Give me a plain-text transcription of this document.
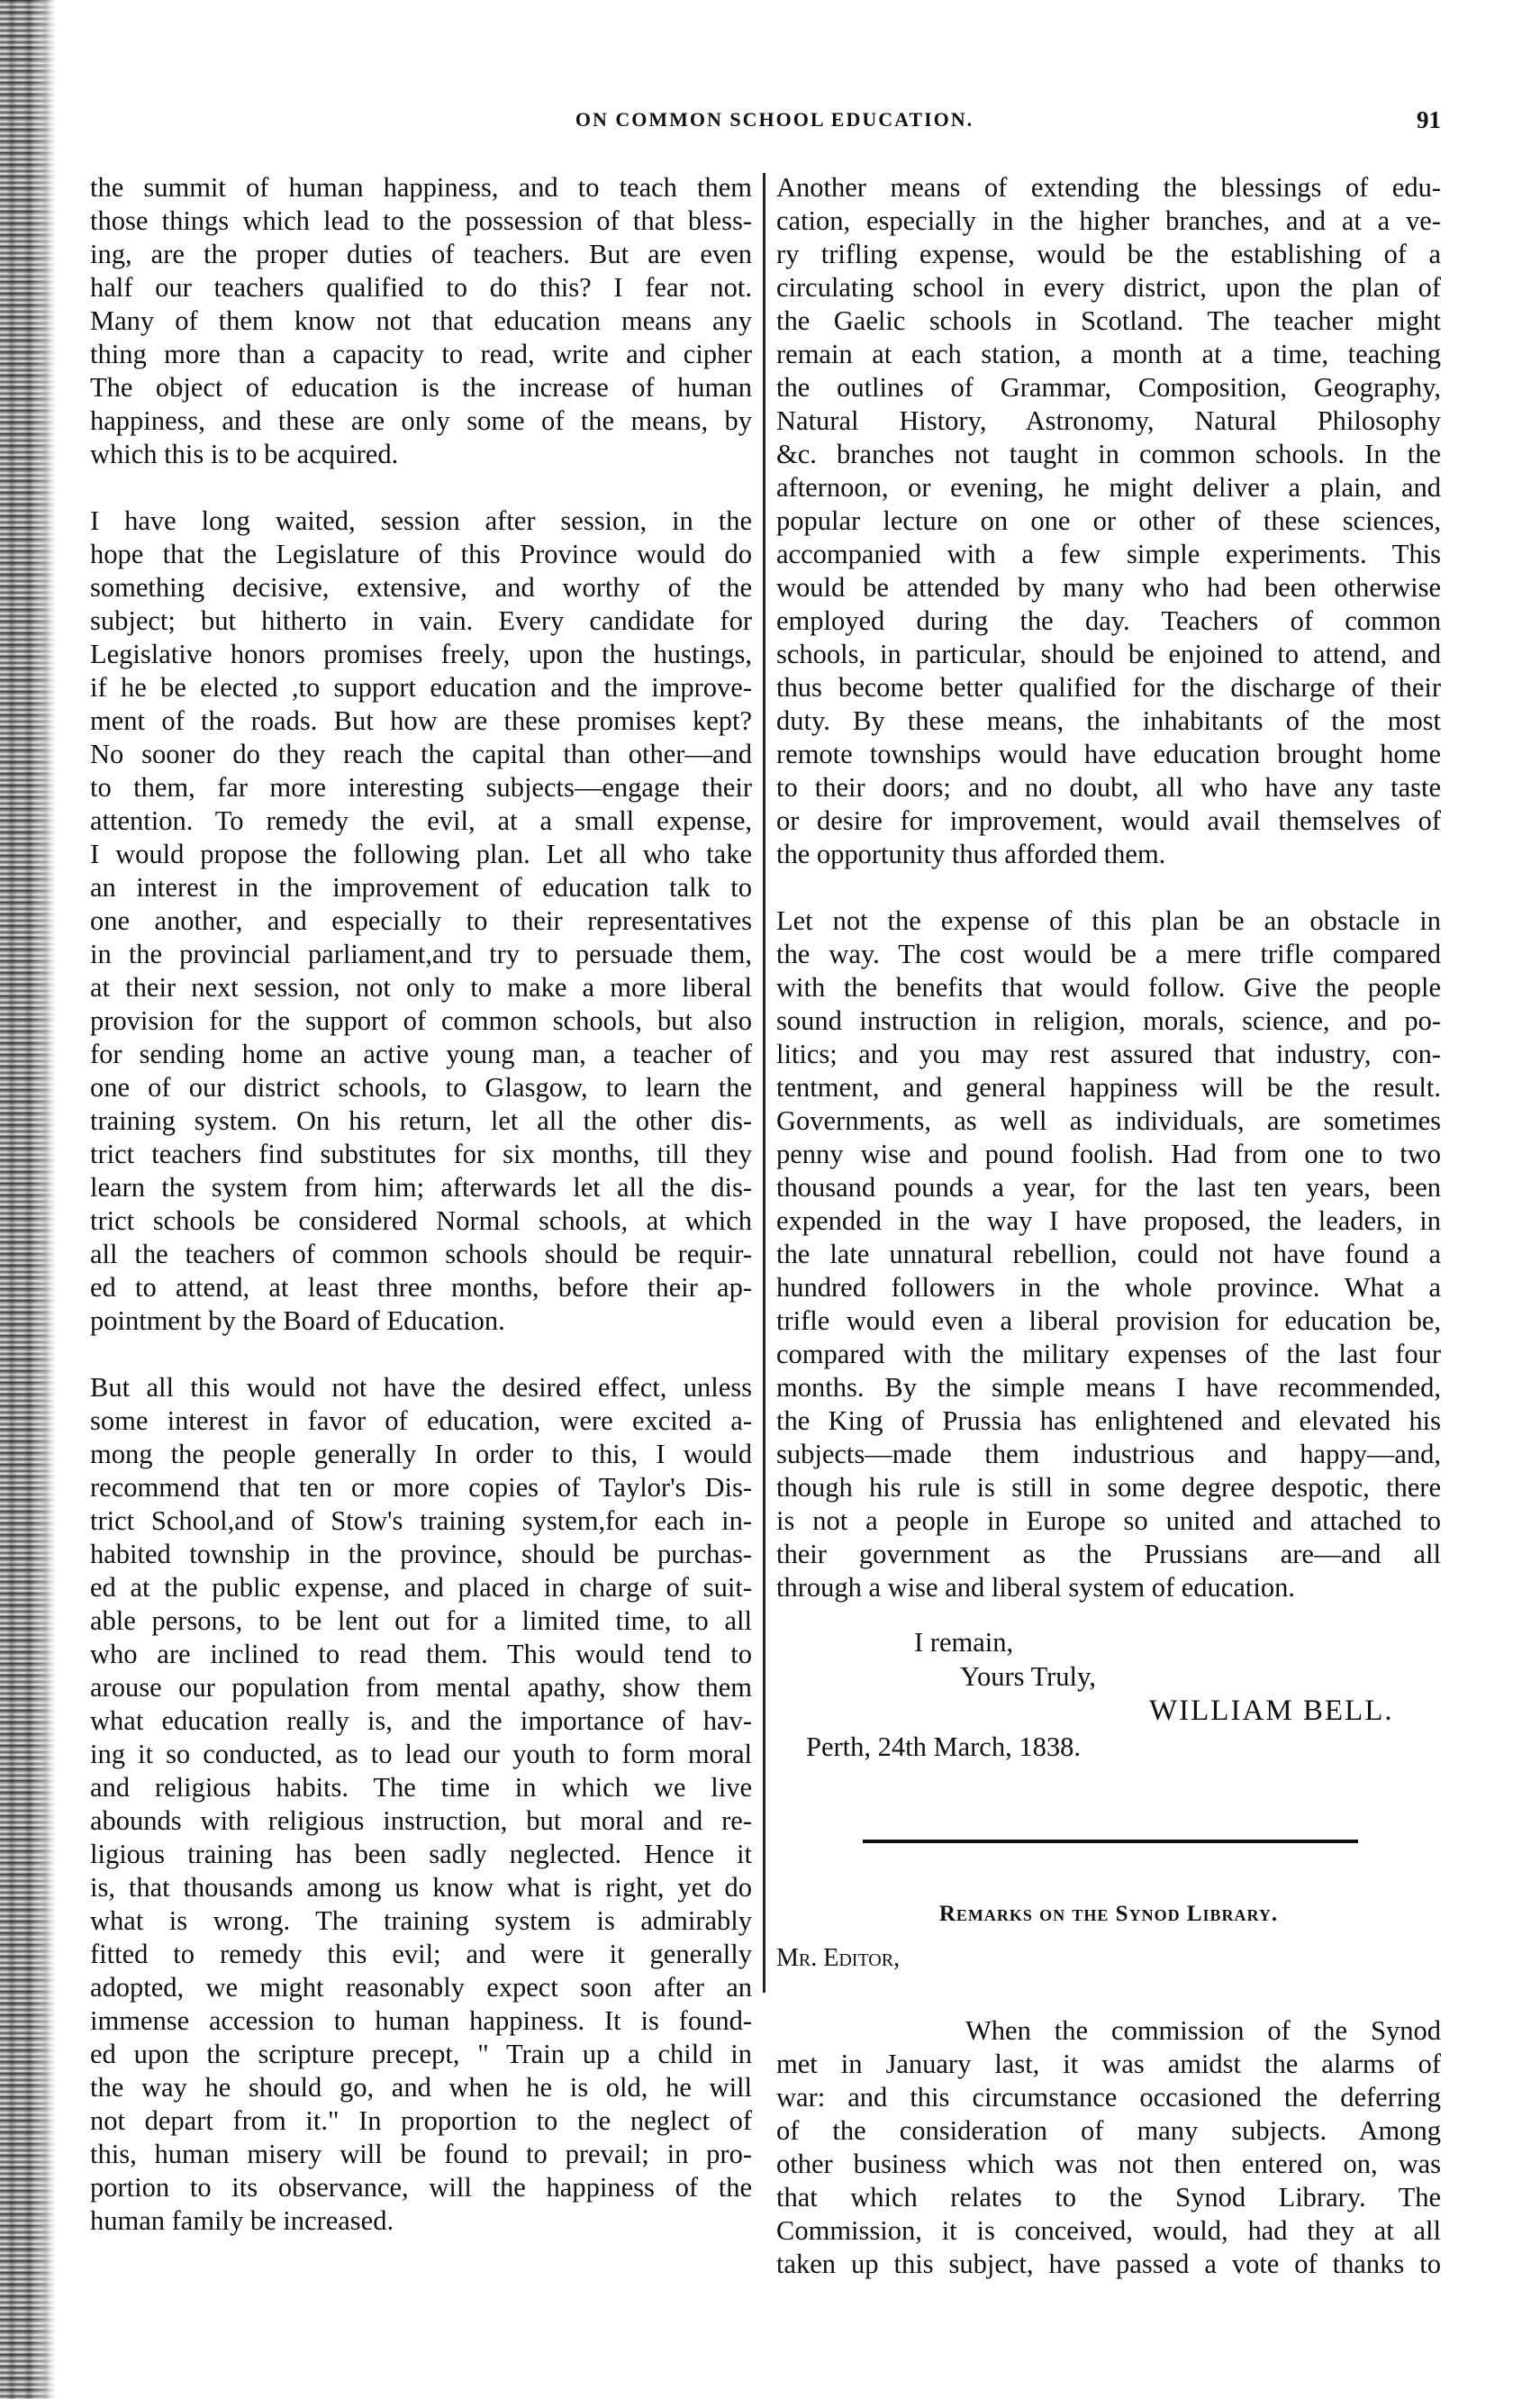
ON COMMON SCHOOL EDUCATION.	91
the summit of human happiness, and to teach them
those things which lead to the possession of that bless-
ing, are the proper duties of teachers. But are even
half our teachers qualified to do this? I fear not.
Many of them know not that education means any
thing more than a capacity to read, write and cipher
The object of education is the increase of human
happiness, and these are only some of the means, by
which this is to be acquired.
I have long waited, session after session, in the
hope that the Legislature of this Province would do
something decisive, extensive, and worthy of the
subject; but hitherto in vain. Every candidate for
Legislative honors promises freely, upon the hustings,
if he be elected ,to support education and the improve-
ment of the roads. But how are these promises kept?
No sooner do they reach the capital than other—and
to them, far more interesting subjects—engage their
attention. To remedy the evil, at a small expense,
I would propose the following plan. Let all who take
an interest in the improvement of education talk to
one another, and especially to their representatives
in the provincial parliament,and try to persuade them,
at their next session, not only to make a more liberal
provision for the support of common schools, but also
for sending home an active young man, a teacher of
one of our district schools, to Glasgow, to learn the
training system. On his return, let all the other dis-
trict teachers find substitutes for six months, till they
learn the system from him; afterwards let all the dis-
trict schools be considered Normal schools, at which
all the teachers of common schools should be requir-
ed to attend, at least three months, before their ap-
pointment by the Board of Education.
But all this would not have the desired effect, unless
some interest in favor of education, were excited a-
mong the people generally In order to this, I would
recommend that ten or more copies of Taylor's Dis-
trict School,and of Stow's training system,for each in-
habited township in the province, should be purchas-
ed at the public expense, and placed in charge of suit-
able persons, to be lent out for a limited time, to all
who are inclined to read them. This would tend to
arouse our population from mental apathy, show them
what education really is, and the importance of hav-
ing it so conducted, as to lead our youth to form moral
and religious habits. The time in which we live
abounds with religious instruction, but moral and re-
ligious training has been sadly neglected. Hence it
is, that thousands among us know what is right, yet do
what is wrong. The training system is admirably
fitted to remedy this evil; and were it generally
adopted, we might reasonably expect soon after an
immense accession to human happiness. It is found-
ed upon the scripture precept, " Train up a child in
the way he should go, and when he is old, he will
not depart from it." In proportion to the neglect of
this, human misery will be found to prevail; in pro-
portion to its observance, will the happiness of the
human family be increased.
Another means of extending the blessings of edu-
cation, especially in the higher branches, and at a ve-
ry trifling expense, would be the establishing of a
circulating school in every district, upon the plan of
the Gaelic schools in Scotland. The teacher might
remain at each station, a month at a time, teaching
the outlines of Grammar, Composition, Geography,
Natural History, Astronomy, Natural Philosophy
&c. branches not taught in common schools. In the
afternoon, or evening, he might deliver a plain, and
popular lecture on one or other of these sciences,
accompanied with a few simple experiments. This
would be attended by many who had been otherwise
employed during the day. Teachers of common
schools, in particular, should be enjoined to attend, and
thus become better qualified for the discharge of their
duty. By these means, the inhabitants of the most
remote townships would have education brought home
to their doors; and no doubt, all who have any taste
or desire for improvement, would avail themselves of
the opportunity thus afforded them.
Let not the expense of this plan be an obstacle in
the way. The cost would be a mere trifle compared
with the benefits that would follow. Give the people
sound instruction in religion, morals, science, and po-
litics; and you may rest assured that industry, con-
tentment, and general happiness will be the result.
Governments, as well as individuals, are sometimes
penny wise and pound foolish. Had from one to two
thousand pounds a year, for the last ten years, been
expended in the way I have proposed, the leaders, in
the late unnatural rebellion, could not have found a
hundred followers in the whole province. What a
trifle would even a liberal provision for education be,
compared with the military expenses of the last four
months. By the simple means I have recommended,
the King of Prussia has enlightened and elevated his
subjects—made them industrious and happy—and,
though his rule is still in some degree despotic, there
is not a people in Europe so united and attached to
their government as the Prussians are—and all
through a wise and liberal system of education.
I remain,
Yours Truly,
WILLIAM BELL.
Perth, 24th March, 1838.
Remarks on the Synod Library.
Mr. Editor,
When the commission of the Synod
met in January last, it was amidst the alarms of
war: and this circumstance occasioned the deferring
of the consideration of many subjects. Among
other business which was not then entered on, was
that which relates to the Synod Library. The
Commission, it is conceived, would, had they at all
taken up this subject, have passed a vote of thanks to
